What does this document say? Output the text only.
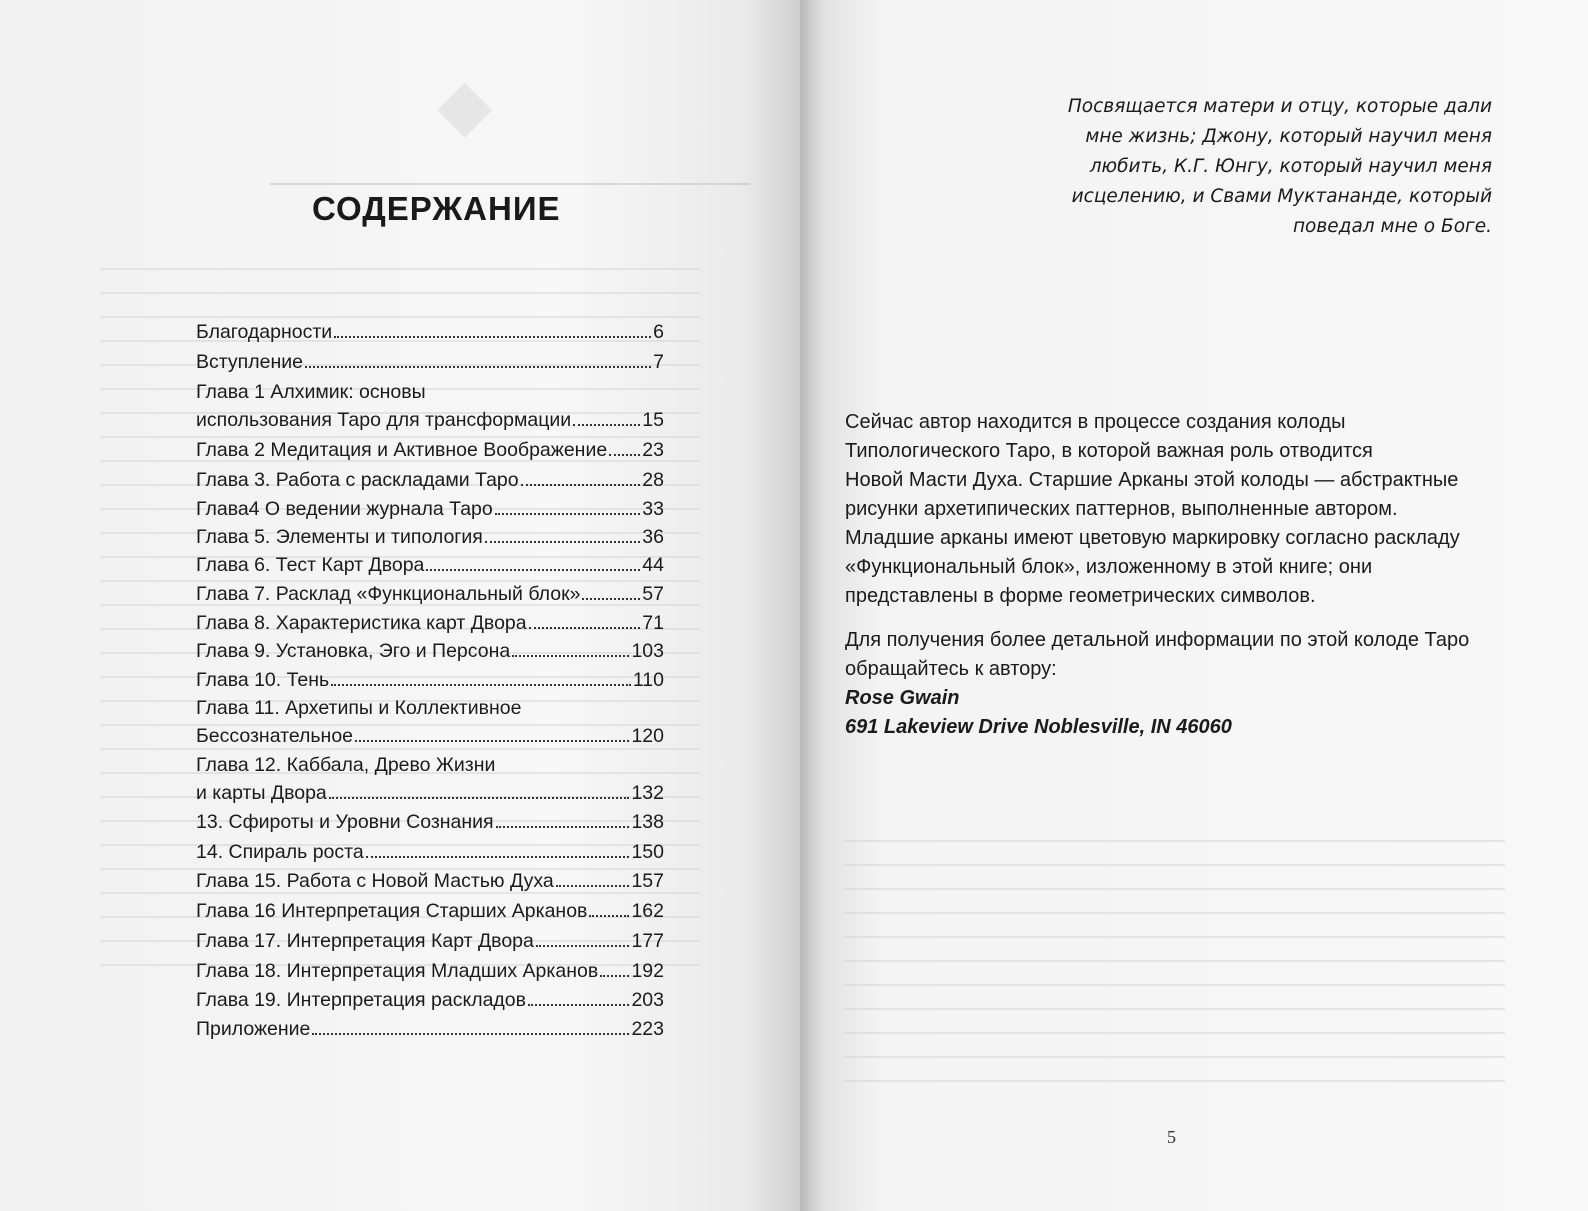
◆
СОДЕРЖАНИЕ
Благодарности	6
Вступление	7
Глава 1 Алхимик: основы
использования Таро для трансформации	15
Глава 2 Медитация и Активное Воображение 23
Глава 3. Работа с раскладами Таро	28
Глава4 О ведении журнала Таро	33
Глава 5. Элементы и типология	36
Глава 6. Тест Карт Двора	44
Глава 7. Расклад «Функциональный блок»	57
Глава 8. Характеристика карт Двора	71
Глава 9. Установка, Эго и Персона	103
Глава 10. Тень	110
Глава 11. Архетипы и Коллективное
Бессознательное	120
Глава 12. Каббала, Древо Жизни
и карты Двора	132
13. Сфироты и Уровни Сознания	138
14. Спираль роста	150
Глава 15. Работа с Новой Мастью Духа	157
Глава 16 Интерпретация Старших Арканов 162
Глава 17. Интерпретация Карт Двора	177
Глава 18. Интерпретация Младших Арканов 192
Глава 19. Интерпретация раскладов	203
Приложение	223

Посвящается матери и отцу, которые дали
мне жизнь; Джону, который научил меня
любить, К.Г. Юнгу, который научил меня
исцелению, и Свами Муктананде, который
поведал мне о Боге.

Сейчас автор находится в процессе создания колоды
Типологического Таро, в которой важная роль отводится
Новой Масти Духа. Старшие Арканы этой колоды — абстрактные
рисунки архетипических паттернов, выполненные автором.
Младшие арканы имеют цветовую маркировку согласно раскладу
«Функциональный блок», изложенному в этой книге; они
представлены в форме геометрических символов.

Для получения более детальной информации по этой колоде Таро
обращайтесь к автору:
Rose Gwain
691 Lakeview Drive Noblesville, IN 46060

5
